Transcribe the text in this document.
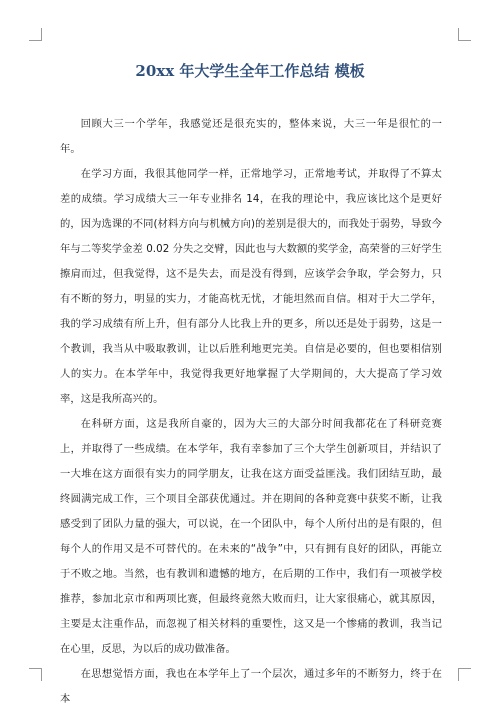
20xx 年大学生全年工作总结 模板

回顾大三一个学年，我感觉还是很充实的，整体来说，大三一年是很忙的一年。

在学习方面，我很其他同学一样，正常地学习，正常地考试，并取得了不算太差的成绩。学习成绩大三一年专业排名 14，在我的理论中，我应该比这个是更好的，因为选课的不同(材料方向与机械方向)的差别是很大的，而我处于弱势，导致今年与二等奖学金差 0.02 分失之交臂，因此也与大数额的奖学金，高荣誉的三好学生擦肩而过，但我觉得，这不是失去，而是没有得到，应该学会争取，学会努力，只有不断的努力，明显的实力，才能高枕无忧，才能坦然而自信。相对于大二学年，我的学习成绩有所上升，但有部分人比我上升的更多，所以还是处于弱势，这是一个教训，我当从中吸取教训，让以后胜利地更完美。自信是必要的，但也要相信别人的实力。在本学年中，我觉得我更好地掌握了大学期间的，大大提高了学习效率，这是我所高兴的。

在科研方面，这是我所自豪的，因为大三的大部分时间我都花在了科研竞赛上，并取得了一些成绩。在本学年，我有幸参加了三个大学生创新项目，并结识了一大堆在这方面很有实力的同学朋友，让我在这方面受益匪浅。我们团结互助，最终圆满完成工作，三个项目全部获优通过。并在期间的各种竞赛中获奖不断，让我感受到了团队力量的强大，可以说，在一个团队中，每个人所付出的是有限的，但每个人的作用又是不可替代的。在未来的“战争”中，只有拥有良好的团队，再能立于不败之地。当然，也有教训和遗憾的地方，在后期的工作中，我们有一项被学校推荐，参加北京市和两项比赛，但最终竟然大败而归，让大家很痛心，就其原因，主要是太注重作品，而忽视了相关材料的重要性，这又是一个惨痛的教训，我当记在心里，反思，为以后的成功做准备。

在思想觉悟方面，我也在本学年上了一个层次，通过多年的不断努力，终于在本
